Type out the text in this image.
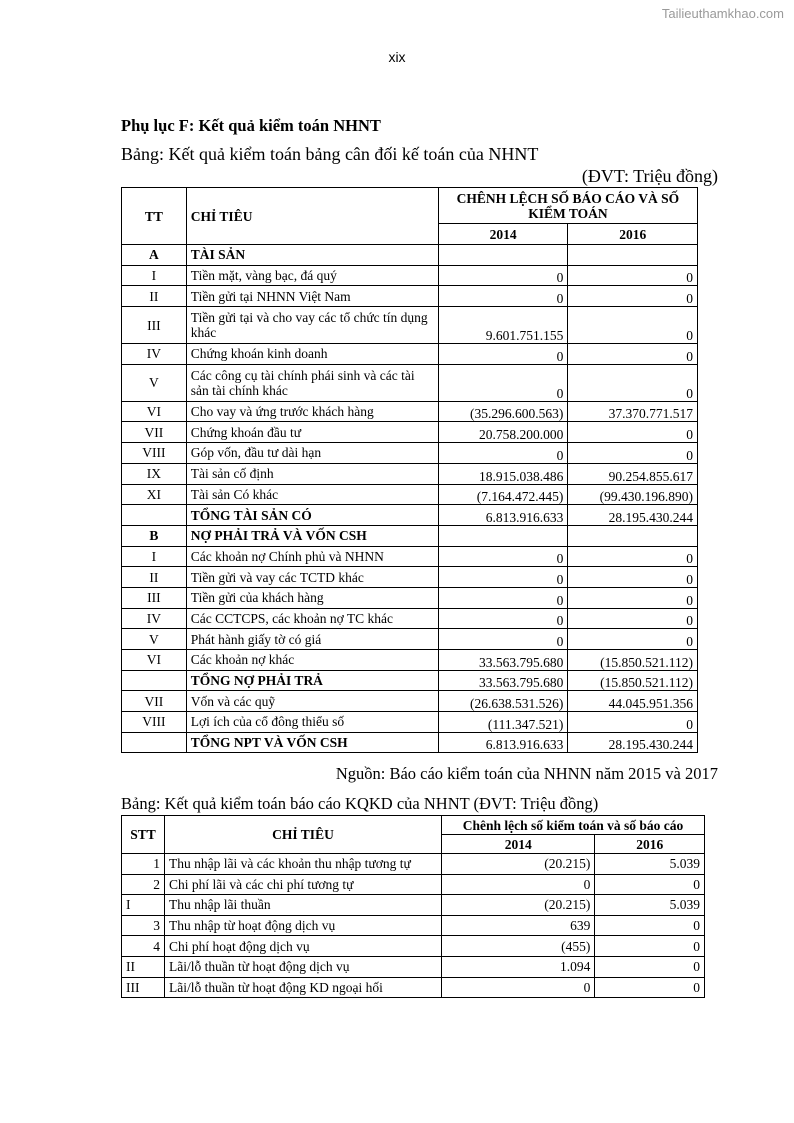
Tailieuthamkhao.com
xix
Phụ lục F: Kết quả kiểm toán NHNT
Bảng: Kết quả kiểm toán bảng cân đối kế toán của NHNT
(ĐVT: Triệu đồng)
TT	CHỈ TIÊU	CHÊNH LỆCH SỐ BÁO CÁO VÀ SỐ KIỂM TOÁN	
		2014	2016
A	TÀI SẢN		
I	Tiền mặt, vàng bạc, đá quý	0	0
II	Tiền gửi tại NHNN Việt Nam	0	0
III	Tiền gửi tại và cho vay các tổ chức tín dụng khác	9.601.751.155	0
IV	Chứng khoán kinh doanh	0	0
V	Các công cụ tài chính phái sinh và các tài sản tài chính khác	0	0
VI	Cho vay và ứng trước khách hàng	(35.296.600.563)	37.370.771.517
VII	Chứng khoán đầu tư	20.758.200.000	0
VIII	Góp vốn, đầu tư dài hạn	0	0
IX	Tài sản cố định	18.915.038.486	90.254.855.617
XI	Tài sản Có khác	(7.164.472.445)	(99.430.196.890)
	TỔNG TÀI SẢN CÓ	6.813.916.633	28.195.430.244
B	NỢ PHẢI TRẢ VÀ VỐN CSH		
I	Các khoản nợ Chính phủ và NHNN	0	0
II	Tiền gửi và vay các TCTD khác	0	0
III	Tiền gửi của khách hàng	0	0
IV	Các CCTCPS, các khoản nợ TC khác	0	0
V	Phát hành giấy tờ có giá	0	0
VI	Các khoản nợ khác	33.563.795.680	(15.850.521.112)
	TỔNG NỢ PHẢI TRẢ	33.563.795.680	(15.850.521.112)
VII	Vốn và các quỹ	(26.638.531.526)	44.045.951.356
VIII	Lợi ích của cổ đông thiểu số	(111.347.521)	0
	TỔNG NPT VÀ VỐN CSH	6.813.916.633	28.195.430.244
Nguồn: Báo cáo kiểm toán của NHNN năm 2015 và 2017
Bảng: Kết quả kiểm toán báo cáo KQKD của NHNT (ĐVT: Triệu đồng)
STT	CHỈ TIÊU	Chênh lệch số kiểm toán và số báo cáo	
		2014	2016
1	Thu nhập lãi và các khoản thu nhập tương tự	(20.215)	5.039
2	Chi phí lãi và các chi phí tương tự	0	0
I	Thu nhập lãi thuần	(20.215)	5.039
3	Thu nhập từ hoạt động dịch vụ	639	0
4	Chi phí hoạt động dịch vụ	(455)	0
II	Lãi/lỗ thuần từ hoạt động dịch vụ	1.094	0
III	Lãi/lỗ thuần từ hoạt động KD ngoại hối	0	0
